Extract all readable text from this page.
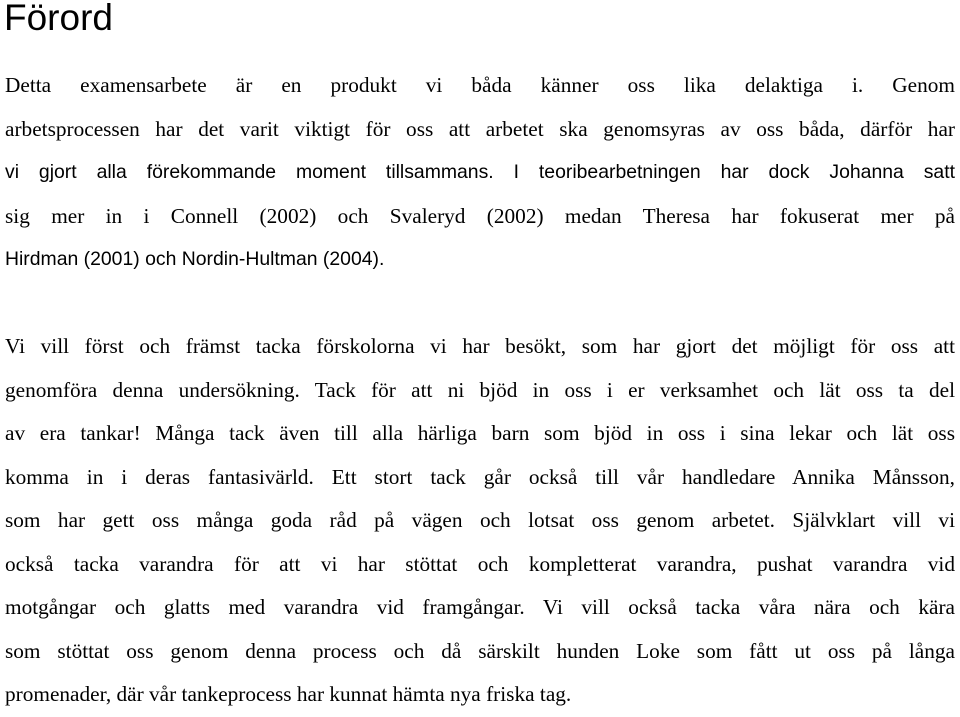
Förord

Detta examensarbete är en produkt vi båda känner oss lika delaktiga i. Genom
arbetsprocessen har det varit viktigt för oss att arbetet ska genomsyras av oss båda, därför har
vi gjort alla förekommande moment tillsammans. I teoribearbetningen har dock Johanna satt
sig mer in i Connell (2002) och Svaleryd (2002) medan Theresa har fokuserat mer på
Hirdman (2001) och Nordin-Hultman (2004).

Vi vill först och främst tacka förskolorna vi har besökt, som har gjort det möjligt för oss att
genomföra denna undersökning. Tack för att ni bjöd in oss i er verksamhet och lät oss ta del
av era tankar! Många tack även till alla härliga barn som bjöd in oss i sina lekar och lät oss
komma in i deras fantasivärld. Ett stort tack går också till vår handledare Annika Månsson,
som har gett oss många goda råd på vägen och lotsat oss genom arbetet. Självklart vill vi
också tacka varandra för att vi har stöttat och kompletterat varandra, pushat varandra vid
motgångar och glatts med varandra vid framgångar. Vi vill också tacka våra nära och kära
som stöttat oss genom denna process och då särskilt hunden Loke som fått ut oss på långa
promenader, där vår tankeprocess har kunnat hämta nya friska tag.
